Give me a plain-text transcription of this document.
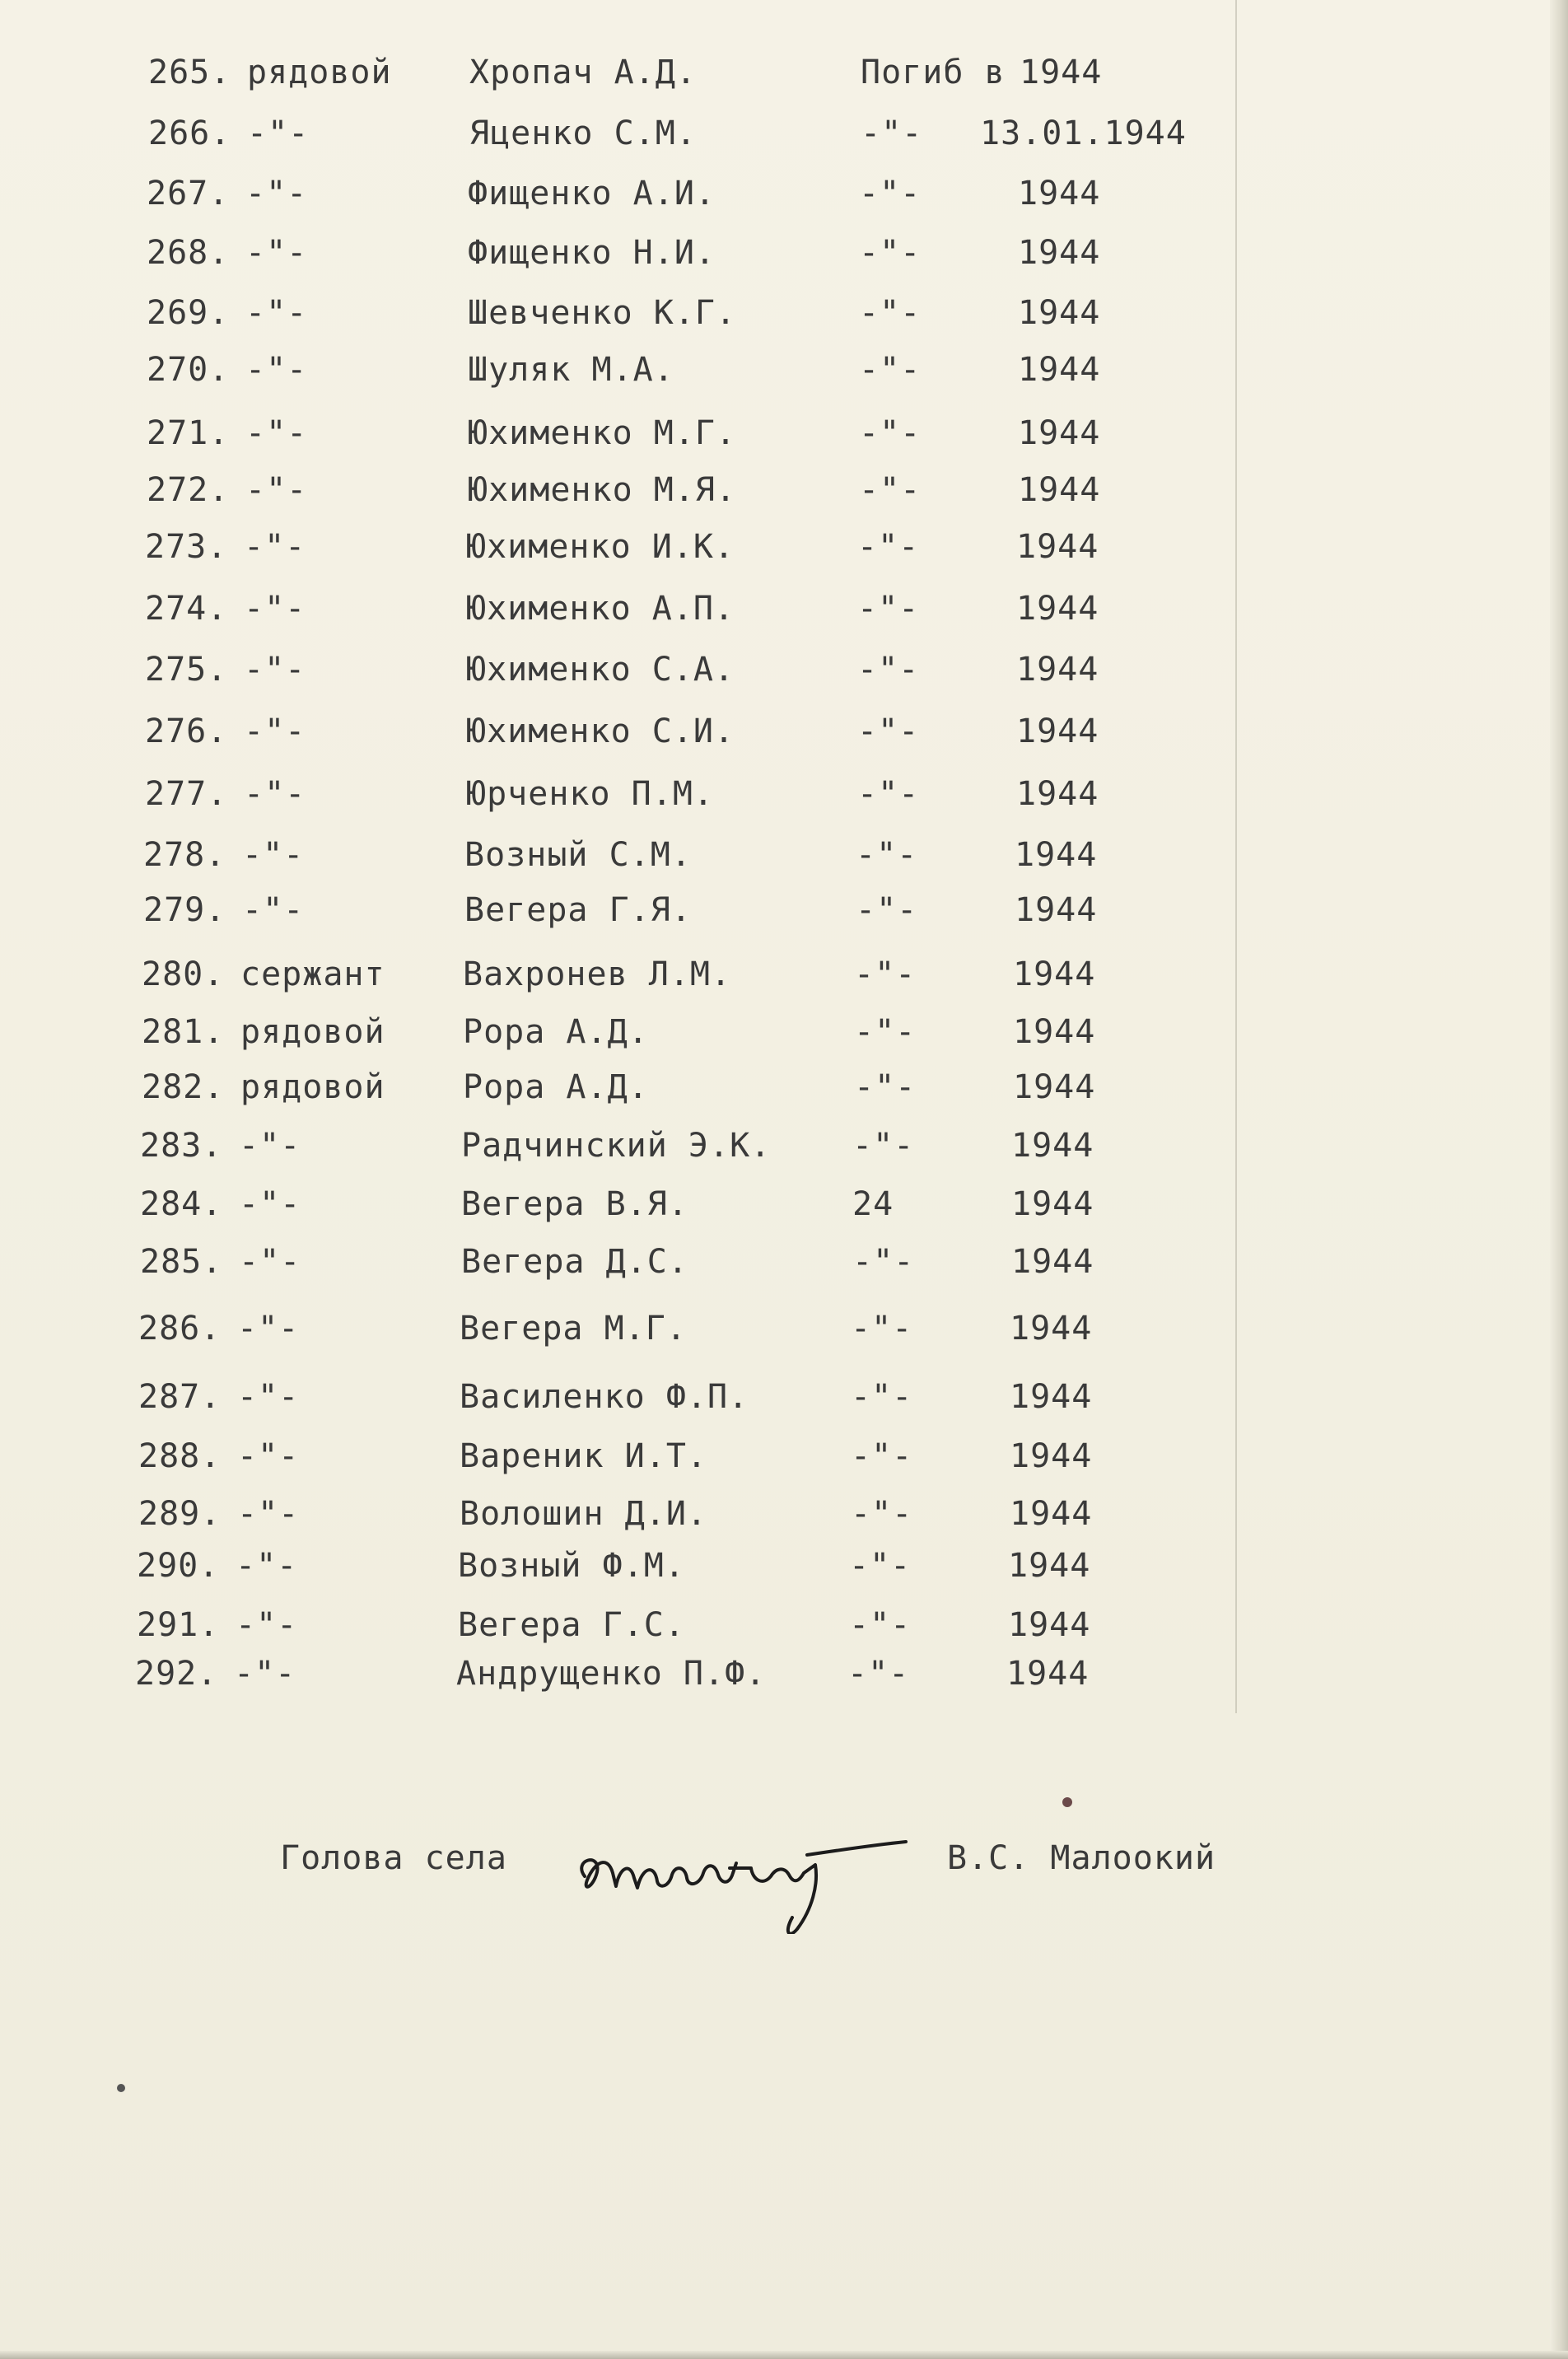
265. рядовой Хропач А.Д.	Погиб в 1944
266. -"-	Яценко С.М.	-"- 13.01.1944
267. -"-	Фищенко А.И.	-"-	1944
268. -"-	Фищенко Н.И.	-"-	1944
269. -"-	Шевченко К.Г.	-"-	1944
270. -"-	Шуляк М.А.	-"-	1944
271. -"-	Юхименко М.Г.	-"-	1944
272. -"-	Юхименко М.Я.	-"-	1944
273. -"-	Юхименко И.К.	-"-	1944
274. -"-	Юхименко А.П.	-"-	1944
275. -"-	Юхименко С.А.	-"-	1944
276. -"-	Юхименко С.И.	-"-	1944
277. -"-	Юрченко П.М.	-"-	1944
278. -"-	Возный С.М.	-"-	1944
279. -"-	Вегера Г.Я.	-"-	1944
280. сержант Вахронев Л.М.	-"-	1944
281. рядовой Рора А.Д.	-"-	1944
282. рядовой Рора А.Д.	-"-	1944
283. -"-	Радчинский Э.К. -"-	1944
284. -"-	Вегера В.Я.	24	1944
285. -"-	Вегера Д.С.	-"-	1944
286. -"-	Вегера М.Г.	-"-	1944
287. -"-	Василенко Ф.П.	-"-	1944
288. -"-	Вареник И.Т.	-"-	1944
289. -"-	Волошин Д.И.	-"-	1944
290. -"-	Возный Ф.М.	-"-	1944
291. -"-	Вегера Г.С.	-"-	1944
292. -"-	Андрущенко П.Ф. -"-	1944
Голова села	В.С. Малоокий
